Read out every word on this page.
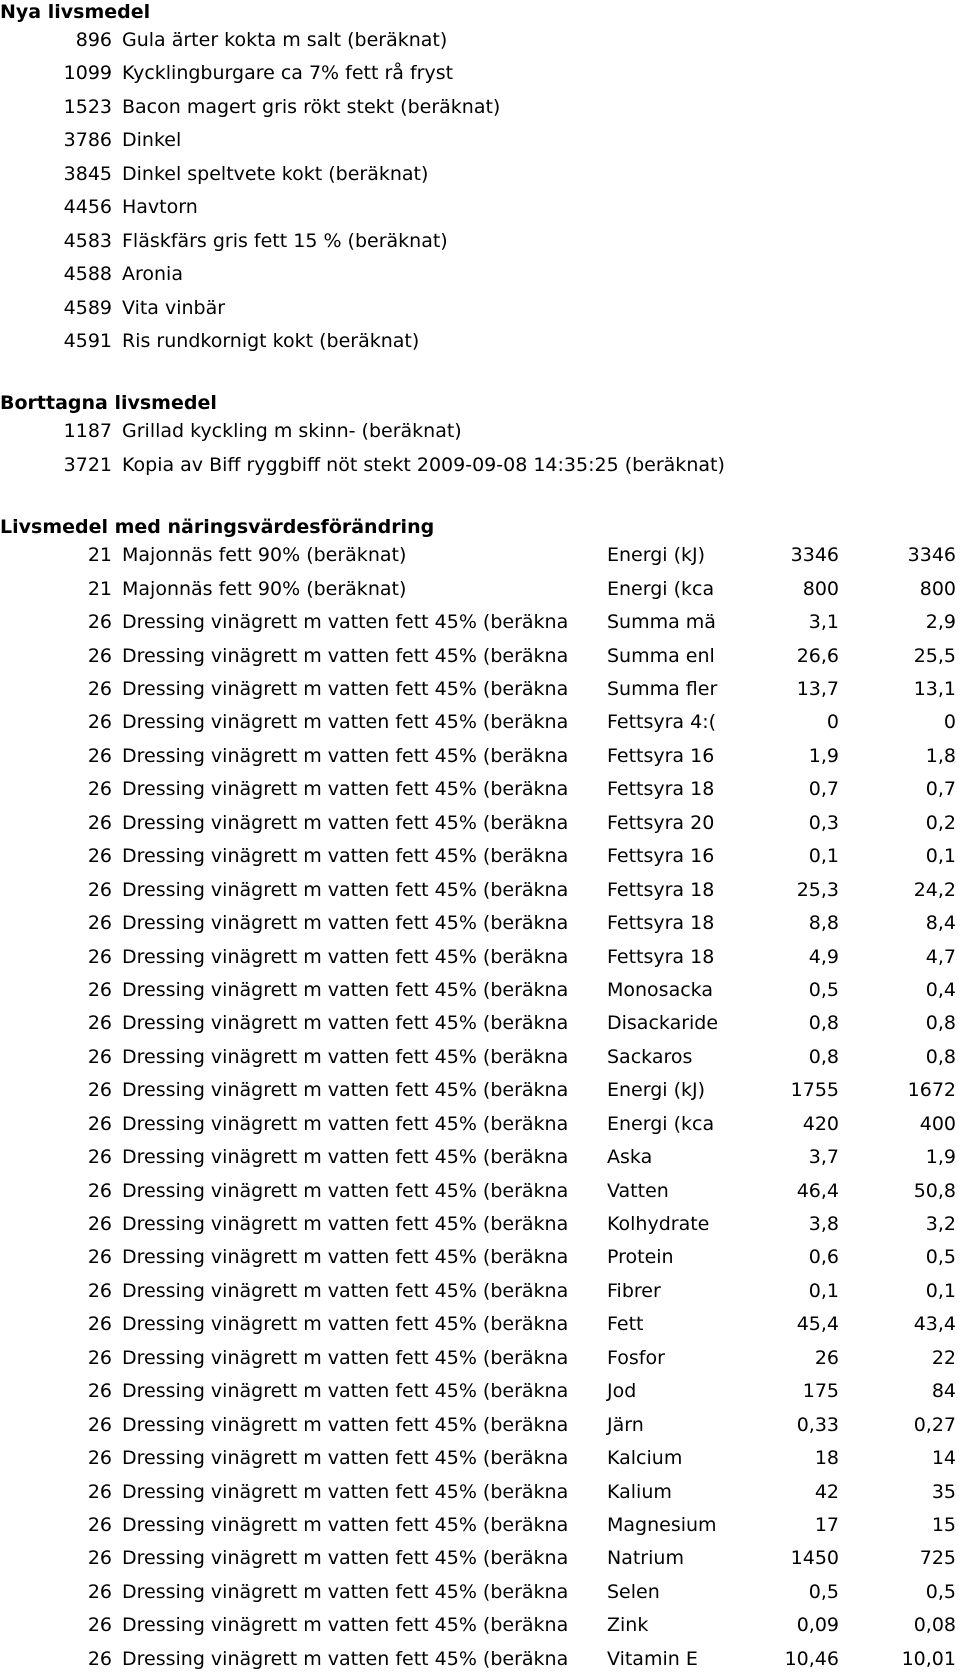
Nya livsmedel
896 Gula ärter kokta m salt (beräknat)
1099 Kycklingburgare ca 7% fett rå fryst
1523 Bacon magert gris rökt stekt (beräknat)
3786 Dinkel
3845 Dinkel speltvete kokt (beräknat)
4456 Havtorn
4583 Fläskfärs gris fett 15 % (beräknat)
4588 Aronia
4589 Vita vinbär
4591 Ris rundkornigt kokt (beräknat)
Borttagna livsmedel
1187 Grillad kyckling m skinn- (beräknat)
3721 Kopia av Biff ryggbiff nöt stekt 2009-09-08 14:35:25 (beräknat)
Livsmedel med näringsvärdesförändring
21 Majonnäs fett 90% (beräknat)	Energi (kJ)	3346	3346
21 Majonnäs fett 90% (beräknat)	Energi (kca	800	800
26 Dressing vinägrett m vatten fett 45% (beräkna	Summa mä	3,1	2,9
26 Dressing vinägrett m vatten fett 45% (beräkna	Summa enl	26,6	25,5
26 Dressing vinägrett m vatten fett 45% (beräkna	Summa fler	13,7	13,1
26 Dressing vinägrett m vatten fett 45% (beräkna	Fettsyra 4:(	0	0
26 Dressing vinägrett m vatten fett 45% (beräkna	Fettsyra 16	1,9	1,8
26 Dressing vinägrett m vatten fett 45% (beräkna	Fettsyra 18	0,7	0,7
26 Dressing vinägrett m vatten fett 45% (beräkna	Fettsyra 20	0,3	0,2
26 Dressing vinägrett m vatten fett 45% (beräkna	Fettsyra 16	0,1	0,1
26 Dressing vinägrett m vatten fett 45% (beräkna	Fettsyra 18	25,3	24,2
26 Dressing vinägrett m vatten fett 45% (beräkna	Fettsyra 18	8,8	8,4
26 Dressing vinägrett m vatten fett 45% (beräkna	Fettsyra 18	4,9	4,7
26 Dressing vinägrett m vatten fett 45% (beräkna	Monosacka	0,5	0,4
26 Dressing vinägrett m vatten fett 45% (beräkna	Disackaride	0,8	0,8
26 Dressing vinägrett m vatten fett 45% (beräkna	Sackaros	0,8	0,8
26 Dressing vinägrett m vatten fett 45% (beräkna	Energi (kJ)	1755	1672
26 Dressing vinägrett m vatten fett 45% (beräkna	Energi (kca	420	400
26 Dressing vinägrett m vatten fett 45% (beräkna	Aska	3,7	1,9
26 Dressing vinägrett m vatten fett 45% (beräkna	Vatten	46,4	50,8
26 Dressing vinägrett m vatten fett 45% (beräkna	Kolhydrate	3,8	3,2
26 Dressing vinägrett m vatten fett 45% (beräkna	Protein	0,6	0,5
26 Dressing vinägrett m vatten fett 45% (beräkna	Fibrer	0,1	0,1
26 Dressing vinägrett m vatten fett 45% (beräkna	Fett	45,4	43,4
26 Dressing vinägrett m vatten fett 45% (beräkna	Fosfor	26	22
26 Dressing vinägrett m vatten fett 45% (beräkna	Jod	175	84
26 Dressing vinägrett m vatten fett 45% (beräkna	Järn	0,33	0,27
26 Dressing vinägrett m vatten fett 45% (beräkna	Kalcium	18	14
26 Dressing vinägrett m vatten fett 45% (beräkna	Kalium	42	35
26 Dressing vinägrett m vatten fett 45% (beräkna	Magnesium	17	15
26 Dressing vinägrett m vatten fett 45% (beräkna	Natrium	1450	725
26 Dressing vinägrett m vatten fett 45% (beräkna	Selen	0,5	0,5
26 Dressing vinägrett m vatten fett 45% (beräkna	Zink	0,09	0,08
26 Dressing vinägrett m vatten fett 45% (beräkna	Vitamin E	10,46	10,01
